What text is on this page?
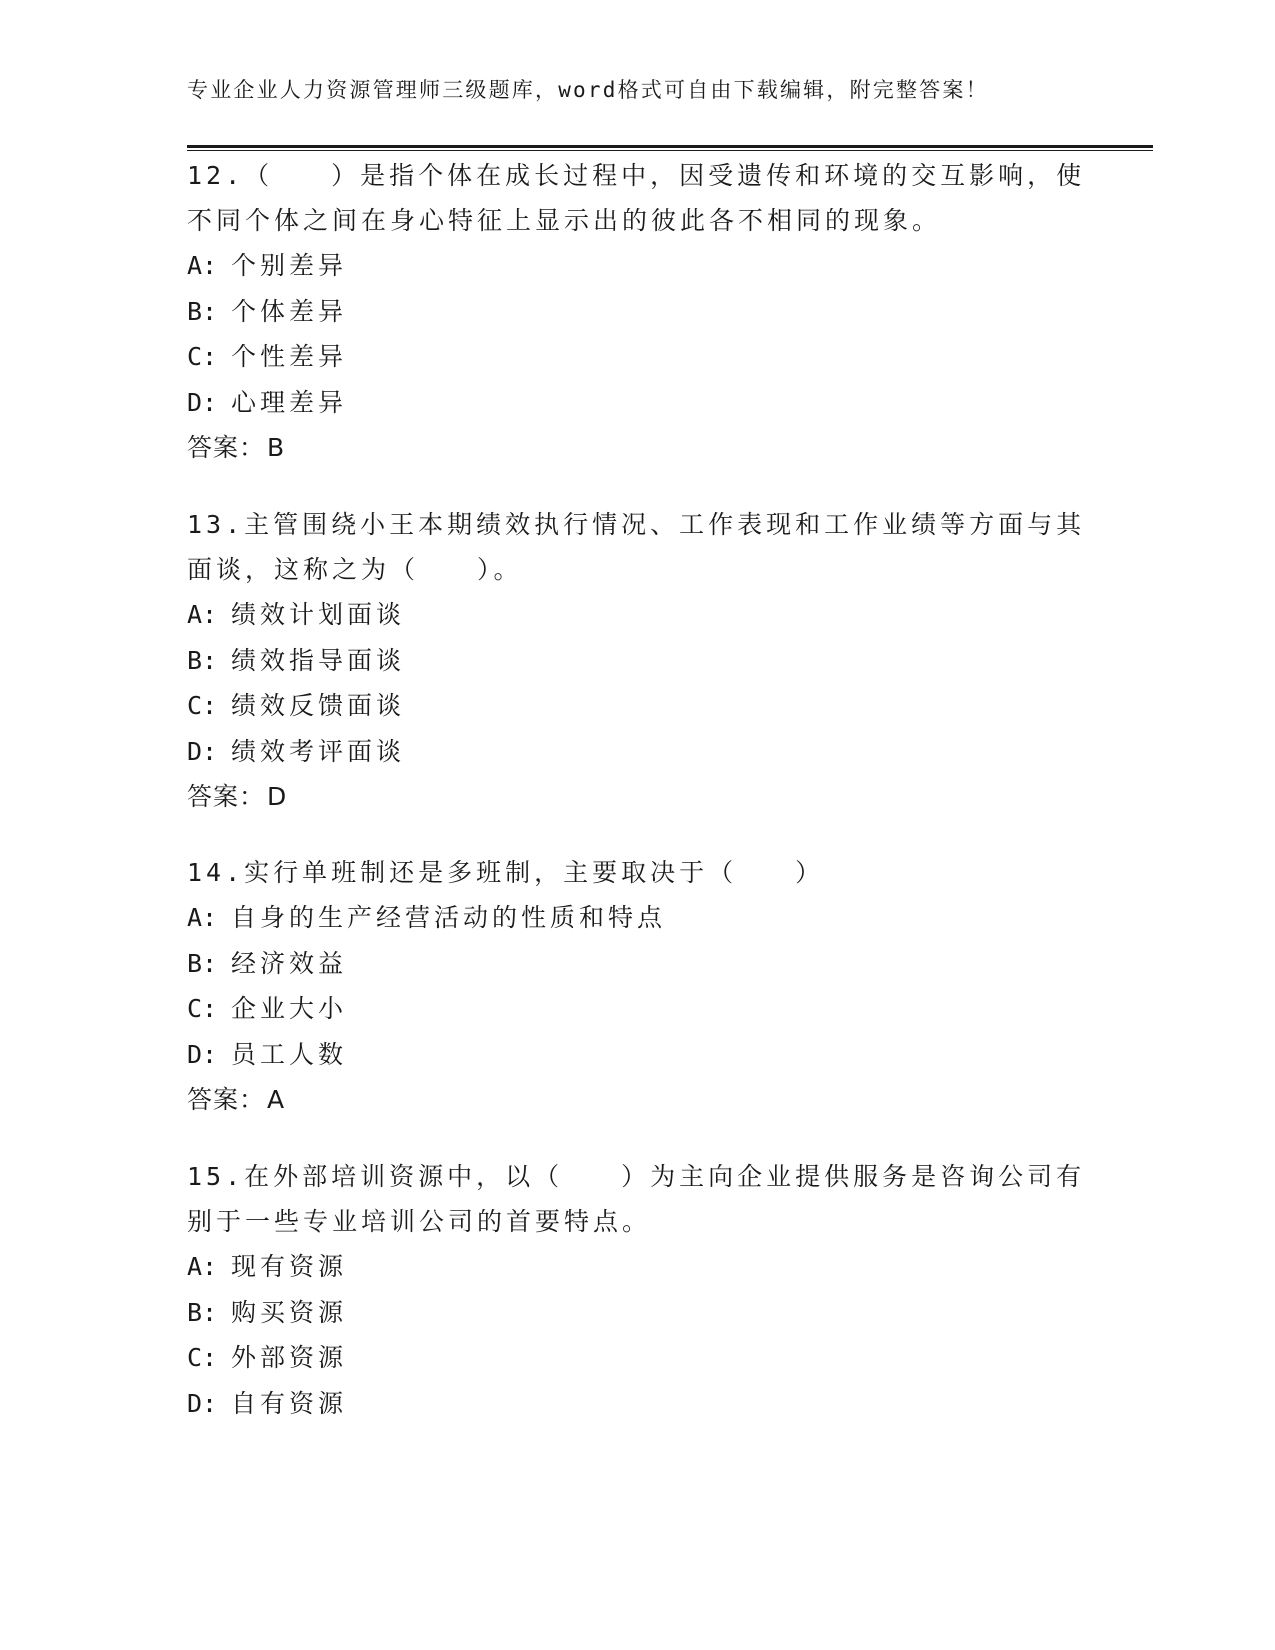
专业企业人力资源管理师三级题库，word格式可自由下载编辑，附完整答案！

12.（　　）是指个体在成长过程中，因受遗传和环境的交互影响，使不同个体之间在身心特征上显示出的彼此各不相同的现象。

A: 个别差异
B: 个体差异
C: 个性差异
D: 心理差异
答案：B

13.主管围绕小王本期绩效执行情况、工作表现和工作业绩等方面与其面谈，这称之为（　　）。

A: 绩效计划面谈
B: 绩效指导面谈
C: 绩效反馈面谈
D: 绩效考评面谈
答案：D

14.实行单班制还是多班制，主要取决于（　　）

A: 自身的生产经营活动的性质和特点
B: 经济效益
C: 企业大小
D: 员工人数
答案：A

15.在外部培训资源中，以（　　）为主向企业提供服务是咨询公司有别于一些专业培训公司的首要特点。

A: 现有资源
B: 购买资源
C: 外部资源
D: 自有资源
